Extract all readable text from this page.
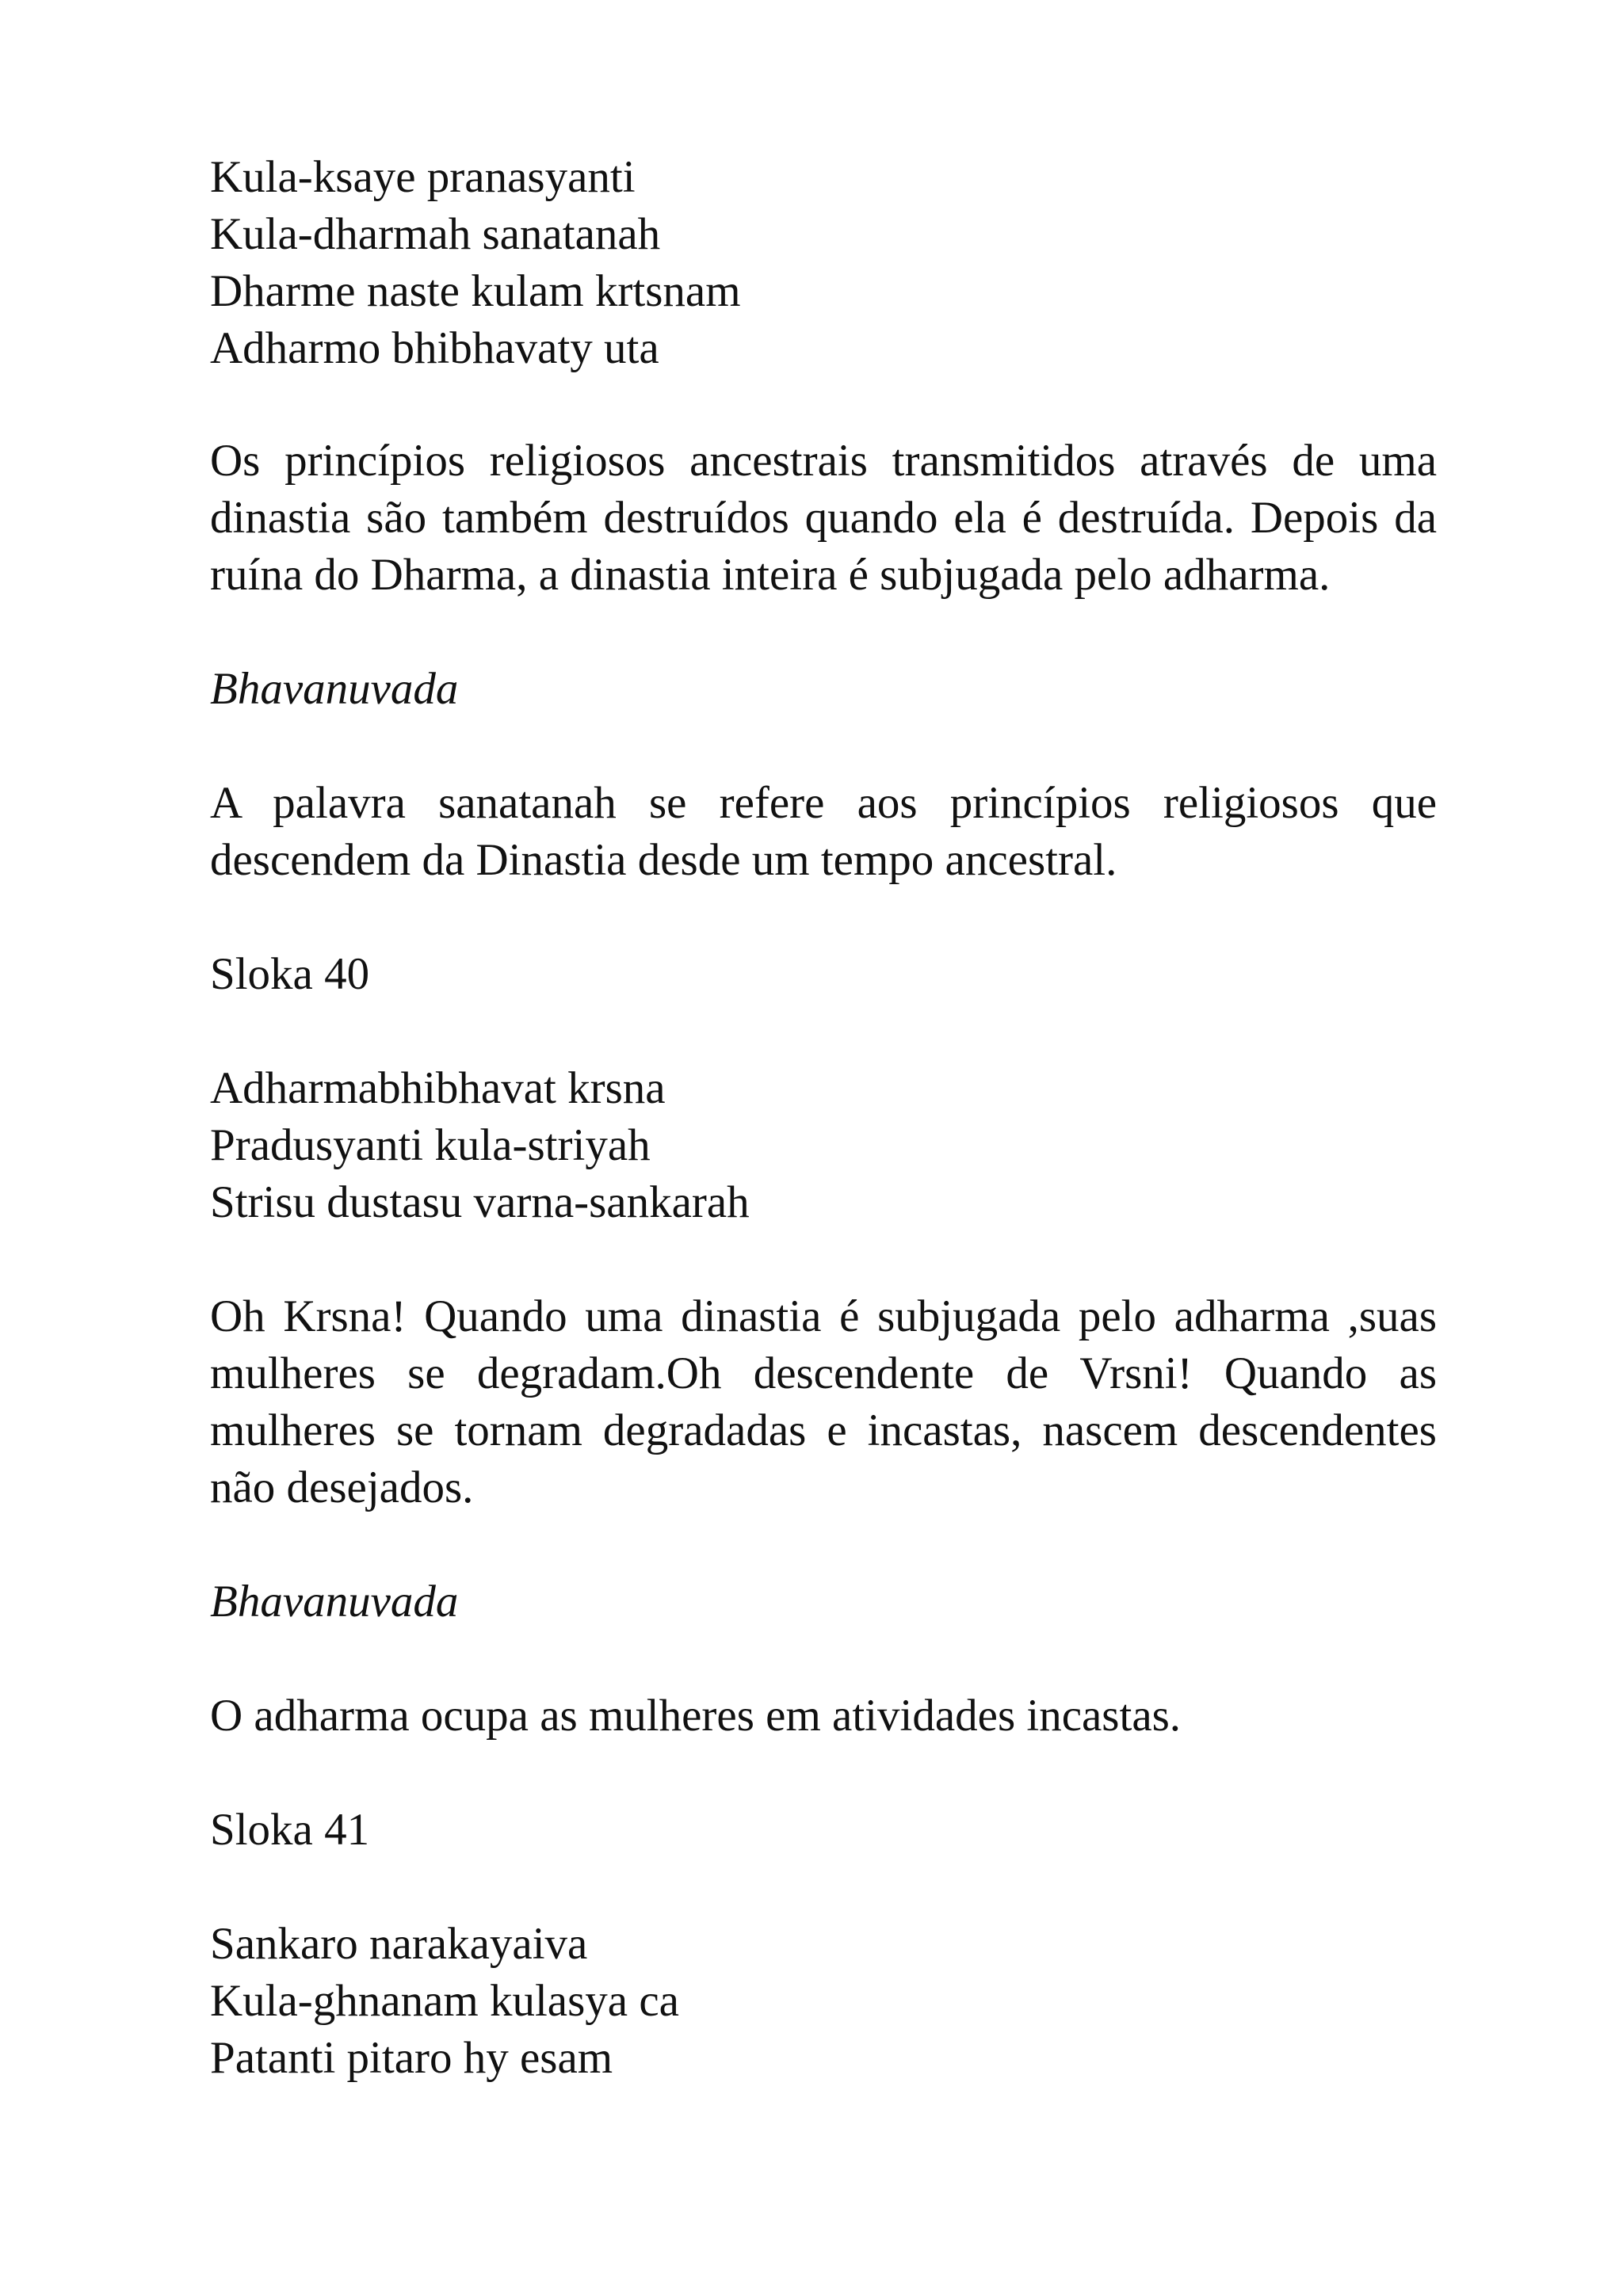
Kula-ksaye pranasyanti
Kula-dharmah sanatanah
Dharme naste kulam krtsnam
Adharmo bhibhavaty uta

Os princípios religiosos ancestrais transmitidos através de uma dinastia são também destruídos quando ela é destruída. Depois da ruína do Dharma, a dinastia inteira é subjugada pelo adharma.

Bhavanuvada

A palavra sanatanah se refere aos princípios religiosos que descendem da Dinastia desde um tempo ancestral.

Sloka 40
Adharmabhibhavat krsna
Pradusyanti kula-striyah
Strisu dustasu varna-sankarah

Oh Krsna! Quando uma dinastia é subjugada pelo adharma ,suas mulheres se degradam.Oh descendente de Vrsni! Quando as mulheres se tornam degradadas e incastas, nascem descendentes não desejados.

Bhavanuvada

O adharma ocupa as mulheres em atividades incastas.

Sloka 41
Sankaro narakayaiva
Kula-ghnanam kulasya ca
Patanti pitaro hy esam
